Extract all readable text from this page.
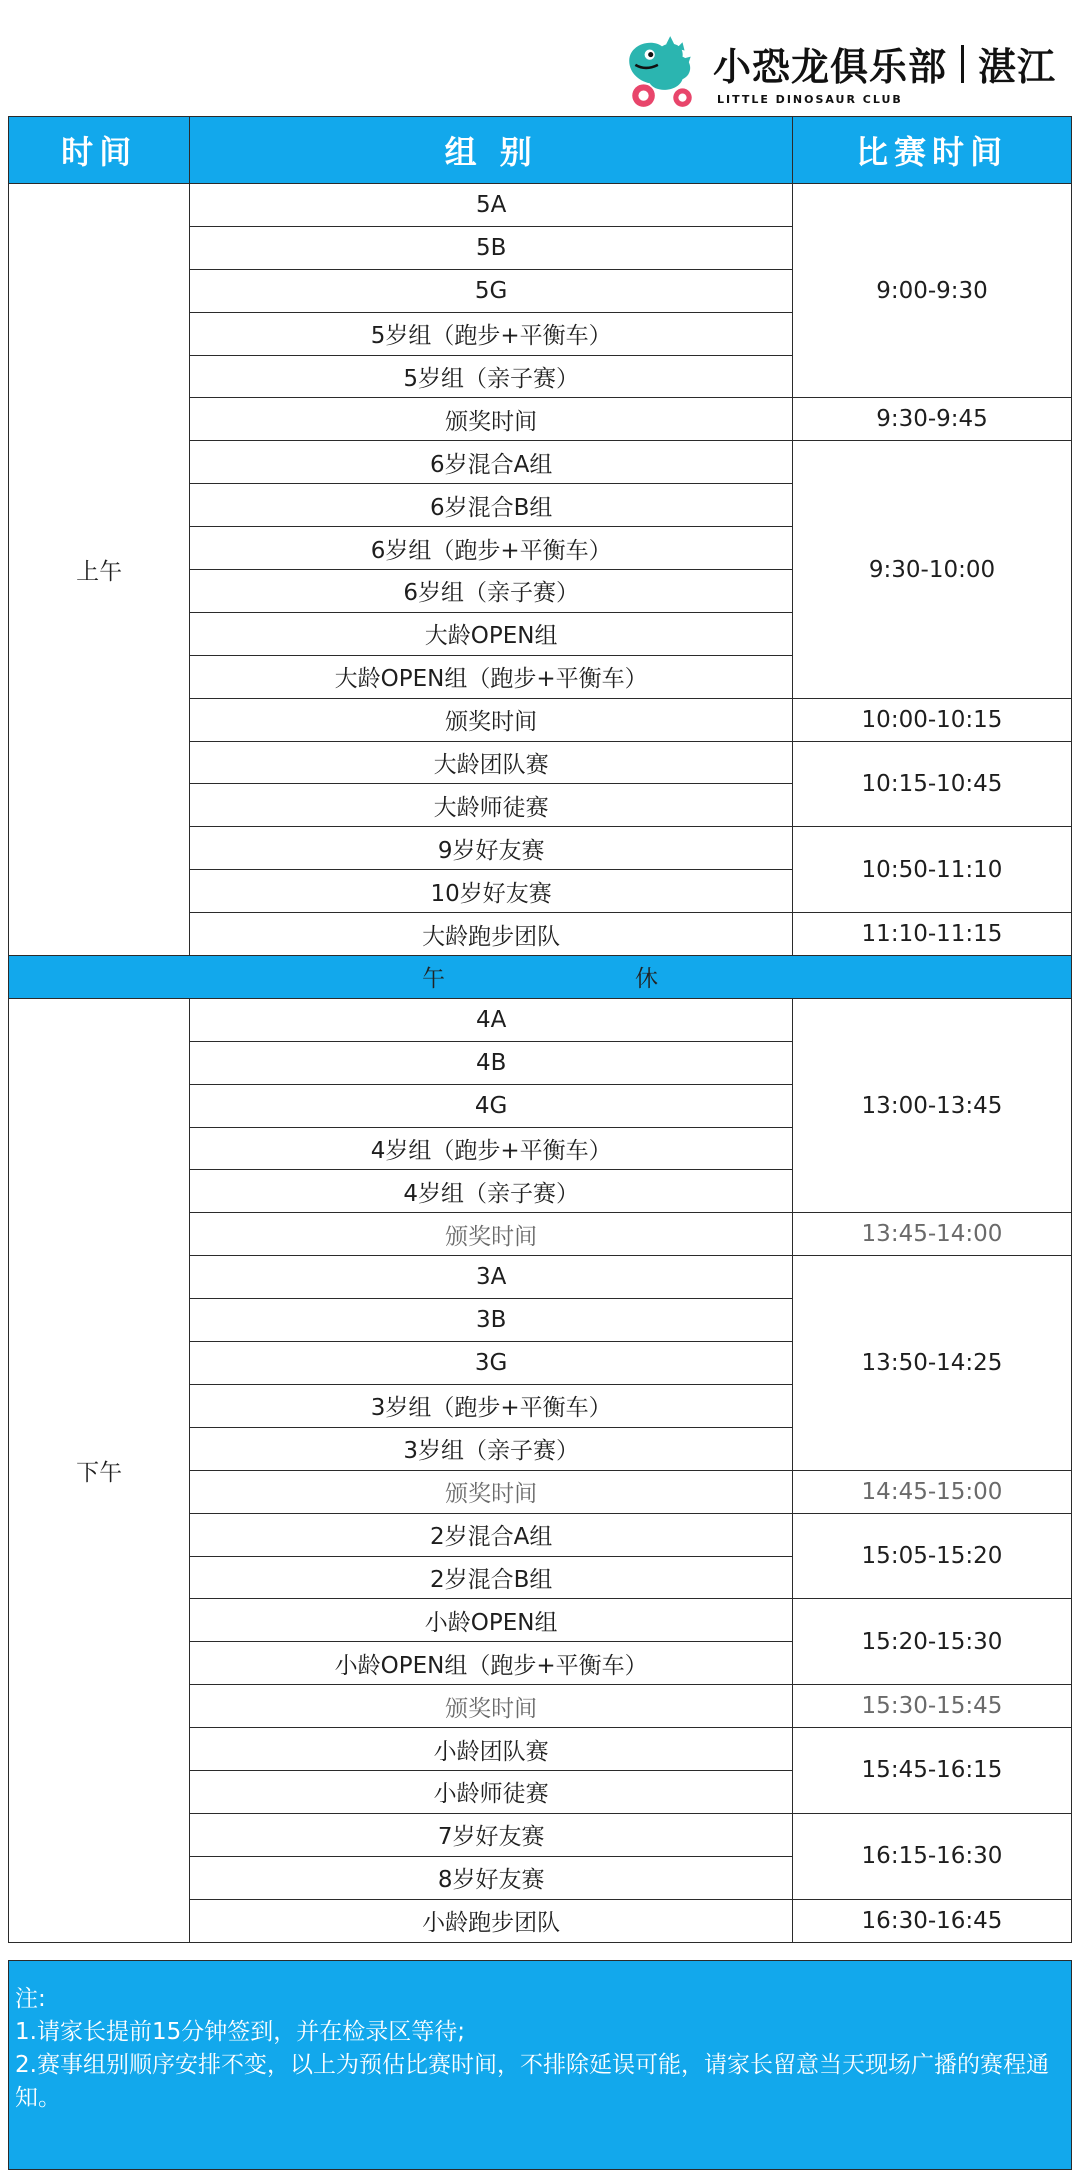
小恐龙俱乐部 湛江
LITTLE DINOSAUR CLUB
时间	组 别	比赛时间
上午	5A	9:00-9:30
	5B	
	5G	
	5岁组（跑步+平衡车）	
	5岁组（亲子赛）	
	颁奖时间	9:30-9:45
	6岁混合A组	9:30-10:00
	6岁混合B组	
	6岁组（跑步+平衡车）	
	6岁组（亲子赛）	
	大龄OPEN组	
	大龄OPEN组（跑步+平衡车）	
	颁奖时间	10:00-10:15
	大龄团队赛	10:15-10:45
	大龄师徒赛	
	9岁好友赛	10:50-11:10
	10岁好友赛	
	大龄跑步团队	11:10-11:15
午 休		
下午	4A	13:00-13:45
	4B	
	4G	
	4岁组（跑步+平衡车）	
	4岁组（亲子赛）	
	颁奖时间	13:45-14:00
	3A	13:50-14:25
	3B	
	3G	
	3岁组（跑步+平衡车）	
	3岁组（亲子赛）	
	颁奖时间	14:45-15:00
	2岁混合A组	15:05-15:20
	2岁混合B组	
	小龄OPEN组	15:20-15:30
	小龄OPEN组（跑步+平衡车）	
	颁奖时间	15:30-15:45
	小龄团队赛	15:45-16:15
	小龄师徒赛	
	7岁好友赛	16:15-16:30
	8岁好友赛	
	小龄跑步团队	16:30-16:45
注:
1.请家长提前15分钟签到，并在检录区等待;
2.赛事组别顺序安排不变，以上为预估比赛时间，不排除延误可能，请家长留意当天现场广播的赛程通知。
